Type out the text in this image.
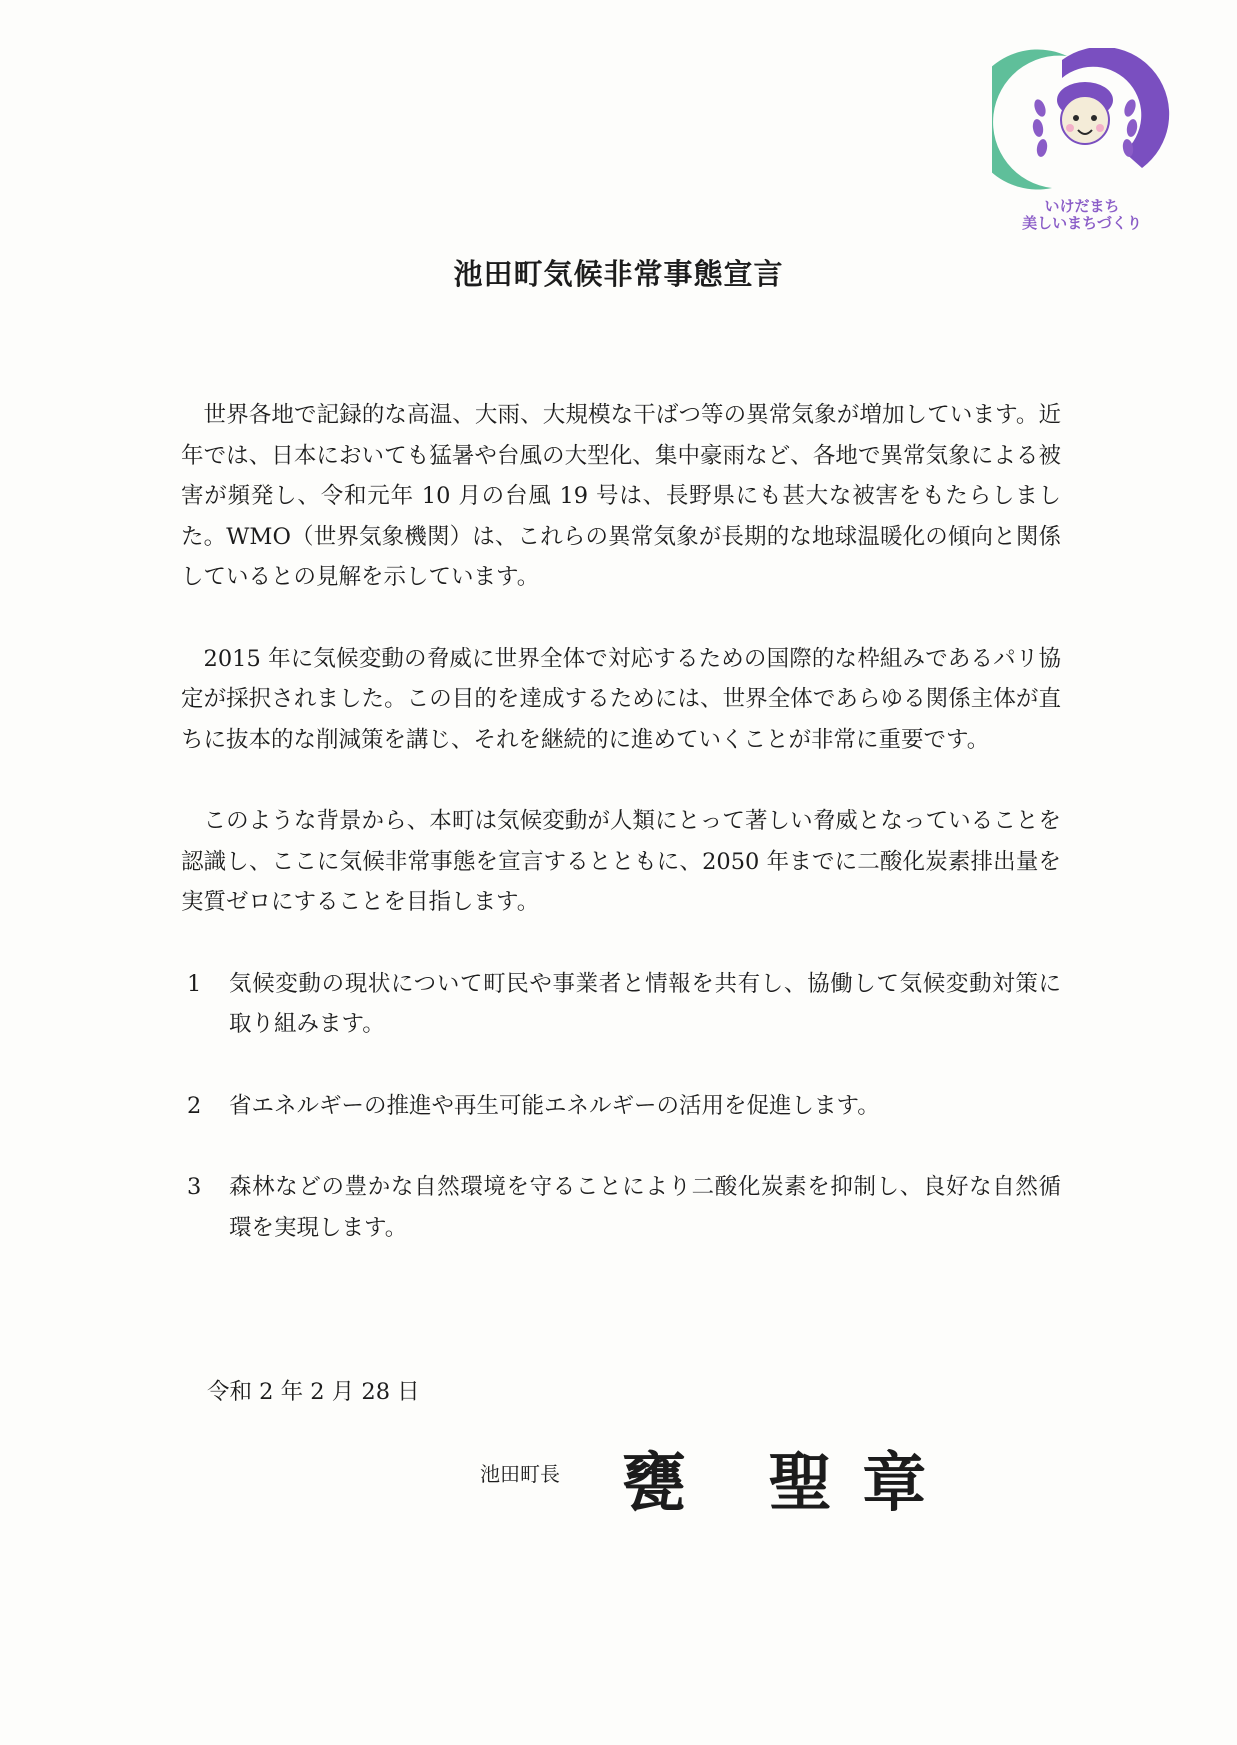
いけだまち
美しいまちづくり
池田町気候非常事態宣言

世界各地で記録的な高温、大雨、大規模な干ばつ等の異常気象が増加しています。近年では、日本においても猛暑や台風の大型化、集中豪雨など、各地で異常気象による被害が頻発し、令和元年 10 月の台風 19 号は、長野県にも甚大な被害をもたらしました。WMO（世界気象機関）は、これらの異常気象が長期的な地球温暖化の傾向と関係しているとの見解を示しています。

2015 年に気候変動の脅威に世界全体で対応するための国際的な枠組みであるパリ協定が採択されました。この目的を達成するためには、世界全体であらゆる関係主体が直ちに抜本的な削減策を講じ、それを継続的に進めていくことが非常に重要です。

このような背景から、本町は気候変動が人類にとって著しい脅威となっていることを認識し、ここに気候非常事態を宣言するとともに、2050 年までに二酸化炭素排出量を実質ゼロにすることを目指します。

1	気候変動の現状について町民や事業者と情報を共有し、協働して気候変動対策に取り組みます。
2	省エネルギーの推進や再生可能エネルギーの活用を促進します。
3	森林などの豊かな自然環境を守ることにより二酸化炭素を抑制し、良好な自然循環を実現します。
令和 2 年 2 月 28 日
池田町長 甕 聖章
